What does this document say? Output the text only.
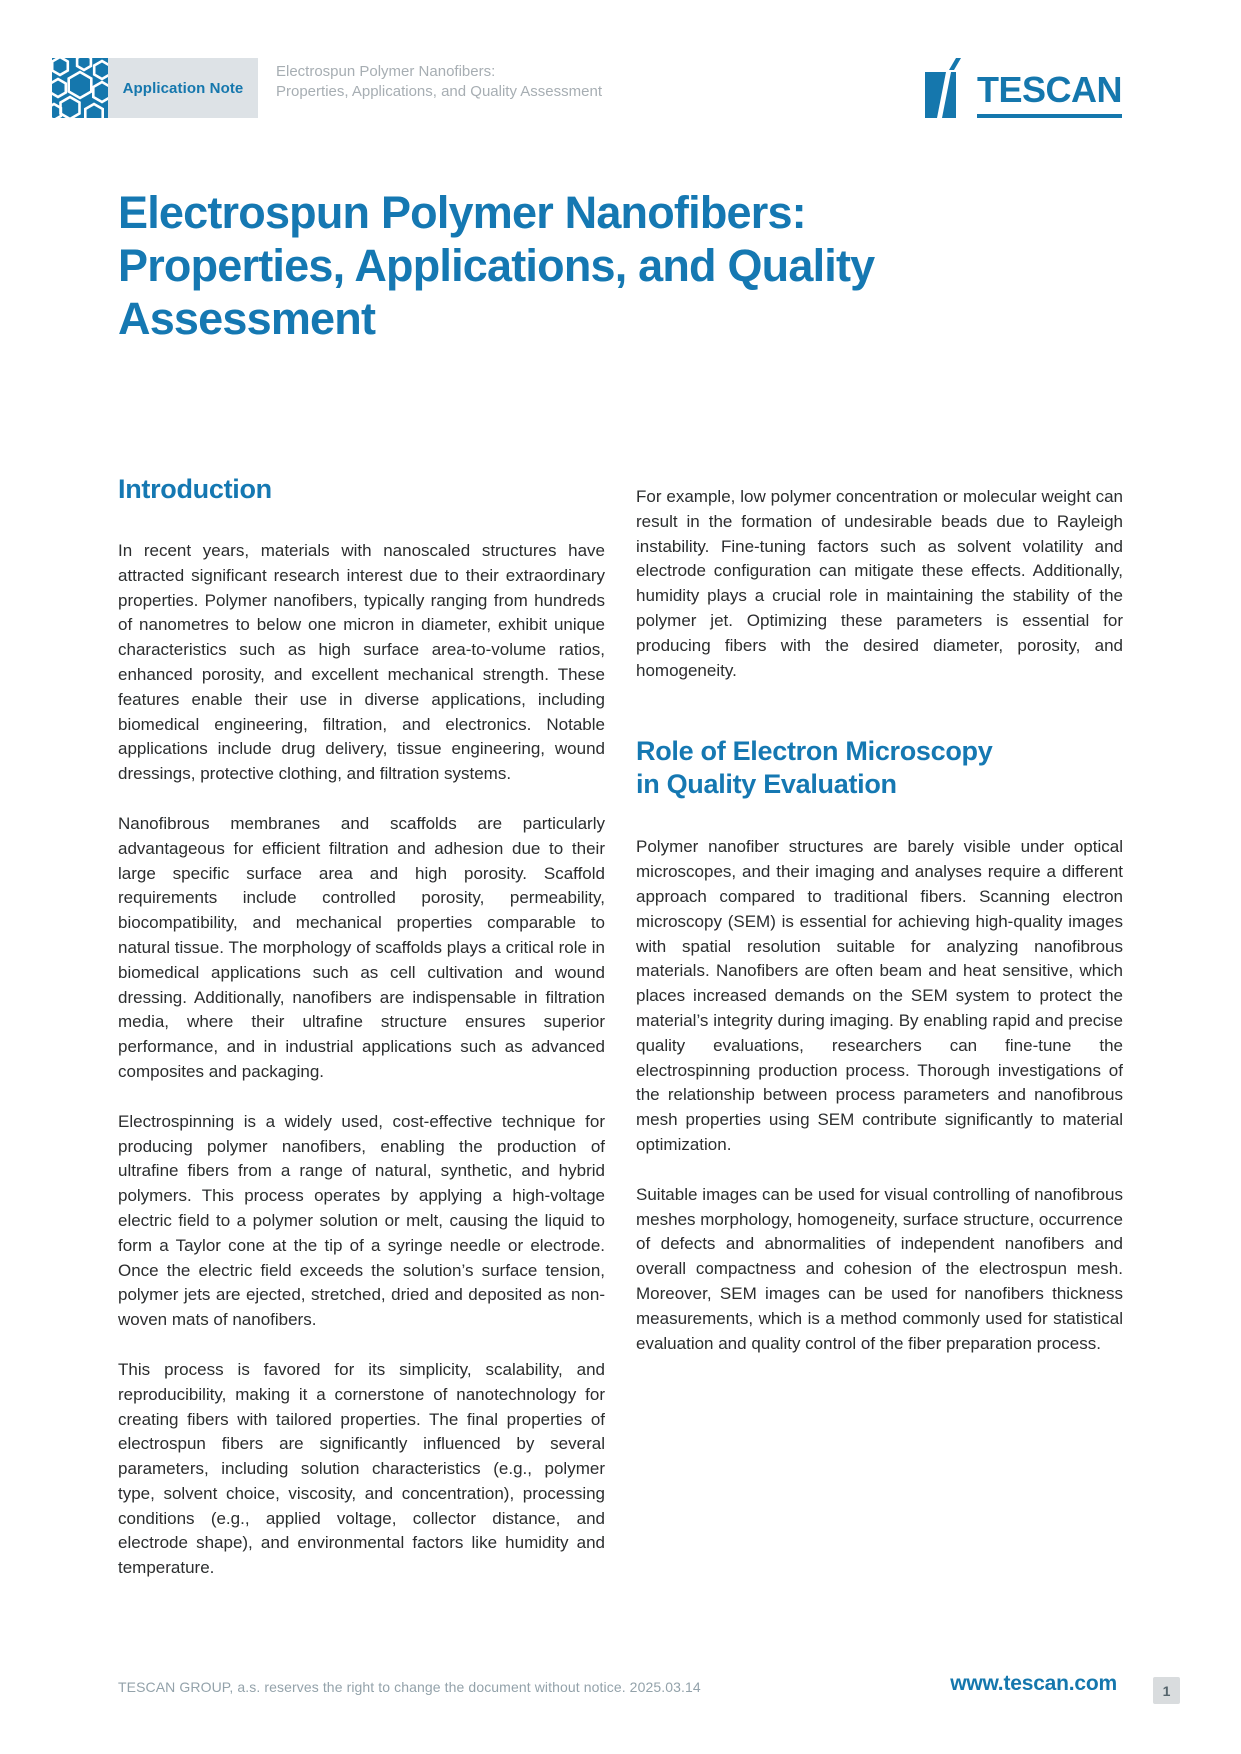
Application Note
Electrospun Polymer Nanofibers:
Properties, Applications, and Quality Assessment	TESCAN
Electrospun Polymer Nanofibers:
Properties, Applications, and Quality
Assessment
Introduction

In recent years, materials with nanoscaled structures have attracted significant research interest due to their extraordinary properties. Polymer nanofibers, typically ranging from hundreds of nanometres to below one micron in diameter, exhibit unique characteristics such as high surface area-to-volume ratios, enhanced porosity, and excellent mechanical strength. These features enable their use in diverse applications, including biomedical engineering, filtration, and electronics. Notable applications include drug delivery, tissue engineering, wound dressings, protective clothing, and filtration systems.

Nanofibrous membranes and scaffolds are particularly advantageous for efficient filtration and adhesion due to their large specific surface area and high porosity. Scaffold requirements include controlled porosity, permeability, biocompatibility, and mechanical properties comparable to natural tissue. The morphology of scaffolds plays a critical role in biomedical applications such as cell cultivation and wound dressing. Additionally, nanofibers are indispensable in filtration media, where their ultrafine structure ensures superior performance, and in industrial applications such as advanced composites and packaging.

Electrospinning is a widely used, cost-effective technique for producing polymer nanofibers, enabling the production of ultrafine fibers from a range of natural, synthetic, and hybrid polymers. This process operates by applying a high-voltage electric field to a polymer solution or melt, causing the liquid to form a Taylor cone at the tip of a syringe needle or electrode. Once the electric field exceeds the solution’s surface tension, polymer jets are ejected, stretched, dried and deposited as non-woven mats of nanofibers.

This process is favored for its simplicity, scalability, and reproducibility, making it a cornerstone of nanotechnology for creating fibers with tailored properties. The final properties of electrospun fibers are significantly influenced by several parameters, including solution characteristics (e.g., polymer type, solvent choice, viscosity, and concentration), processing conditions (e.g., applied voltage, collector distance, and electrode shape), and environmental factors like humidity and temperature.

For example, low polymer concentration or molecular weight can result in the formation of undesirable beads due to Rayleigh instability. Fine-tuning factors such as solvent volatility and electrode configuration can mitigate these effects. Additionally, humidity plays a crucial role in maintaining the stability of the polymer jet. Optimizing these parameters is essential for producing fibers with the desired diameter, porosity, and homogeneity.

Role of Electron Microscopy
in Quality Evaluation

Polymer nanofiber structures are barely visible under optical microscopes, and their imaging and analyses require a different approach compared to traditional fibers. Scanning electron microscopy (SEM) is essential for achieving high-quality images with spatial resolution suitable for analyzing nanofibrous materials. Nanofibers are often beam and heat sensitive, which places increased demands on the SEM system to protect the material’s integrity during imaging. By enabling rapid and precise quality evaluations, researchers can fine-tune the electrospinning production process. Thorough investigations of the relationship between process parameters and nanofibrous mesh properties using SEM contribute significantly to material optimization.

Suitable images can be used for visual controlling of nanofibrous meshes morphology, homogeneity, surface structure, occurrence of defects and abnormalities of independent nanofibers and overall compactness and cohesion of the electrospun mesh. Moreover, SEM images can be used for nanofibers thickness measurements, which is a method commonly used for statistical evaluation and quality control of the fiber preparation process.

TESCAN GROUP, a.s. reserves the right to change the document without notice. 2025.03.14	www.tescan.com	1
